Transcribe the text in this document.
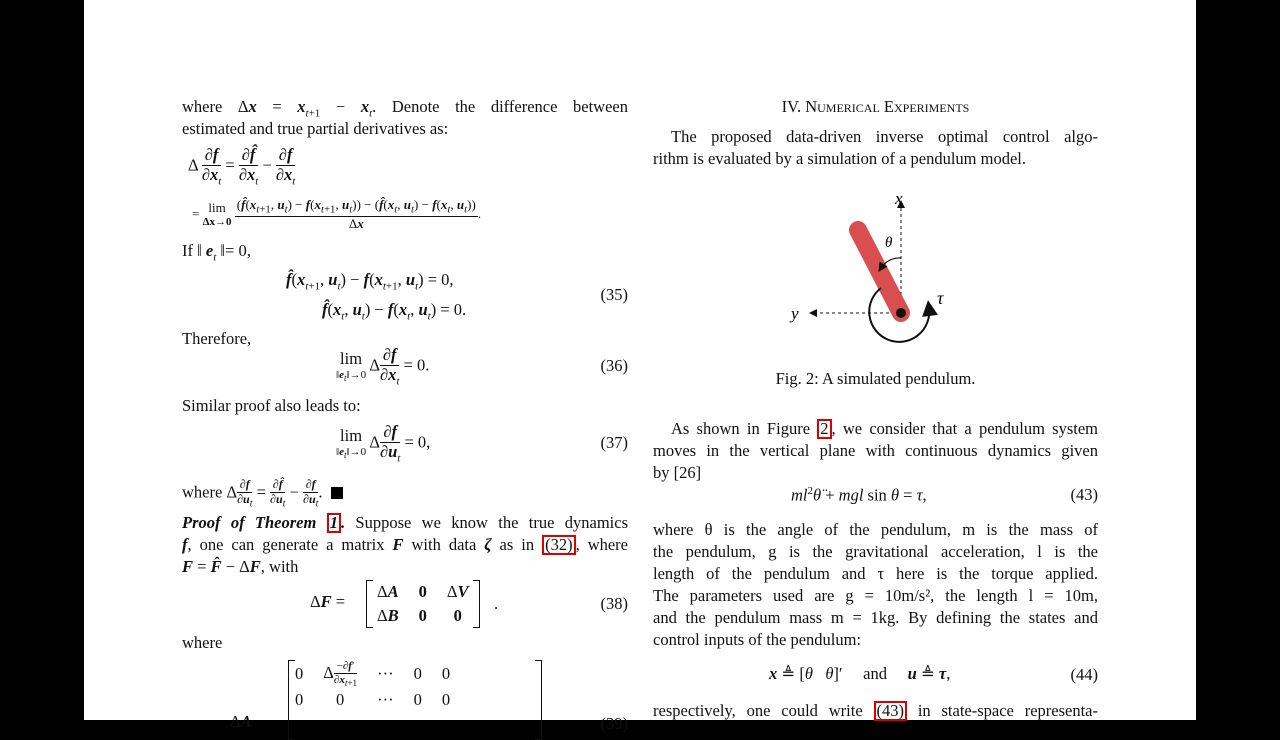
where $\Delta x = x_{t+1} - x_t$. Denote the difference between
estimated and true partial derivatives as:
Δ $\frac{\partial f}{\partial x_t} = \frac{\partial f̂}{\partial x_t} - \frac{\partial f}{\partial x_t}$
= lim
Δx→0
$\frac{(f̂(x_{t+1}, u_t) - f(x_{t+1}, u_t)) - (f̂(x_t, u_t) - f(x_t, u_t))}{\Delta x}$ .
If ‖ $e_t$ ‖= 0,
$f̂(x_{t+1}$, $u_t) - f(x_{t+1}$, $u_t) = 0$,
$f̂(x_t$, $u_t) - f(x_t$, $u_t) = 0$.
(35)
Therefore,
lim
$‖e_t‖\to 0$
Δ $\frac{\partial f}{\partial x_t} = 0$.	(36)
Similar proof also leads to:
lim
$‖e_t‖\to 0$
Δ $\frac{\partial f}{\partial u_t} = 0$,	(37)
where Δ $\frac{\partial f}{\partial u_t} = \frac{\partial f̂}{\partial u_t} - \frac{\partial f}{\partial u_t}$ .
Proof of Theorem 1 . Suppose we know the true dynamics
f, one can generate a matrix F with data ζ as in (32) , where
F = F̂ − ΔF, with
ΔF =
ΔA	0	ΔV
ΔB	0	0
.	(38)
where
0	Δ $\frac{-\partial f'}{\partial x_{t+1}}$	···	0	0
0	0	···	0	0
ΔA	(39)
IV. Numerical Experiments
The proposed data-driven inverse optimal control algo-
rithm is evaluated by a simulation of a pendulum model.
x
y
θ
τ
Fig. 2: A simulated pendulum.
As shown in Figure 2 , we consider that a pendulum system
moves in the vertical plane with continuous dynamics given
by [26]
$ml^2\thetä$ + mgl sin θ = τ,	(43)
where θ is the angle of the pendulum, m is the mass of
the pendulum, g is the gravitational acceleration, l is the
length of the pendulum and τ here is the torque applied.
The parameters used are g = 10m/s², the length l = 10m,
and the pendulum mass m = 1kg. By defining the states and
control inputs of the pendulum:
x ≜ [θ θ̇]′     and u ≜ τ,	(44)
respectively, one could write (43) in state-space representa-
